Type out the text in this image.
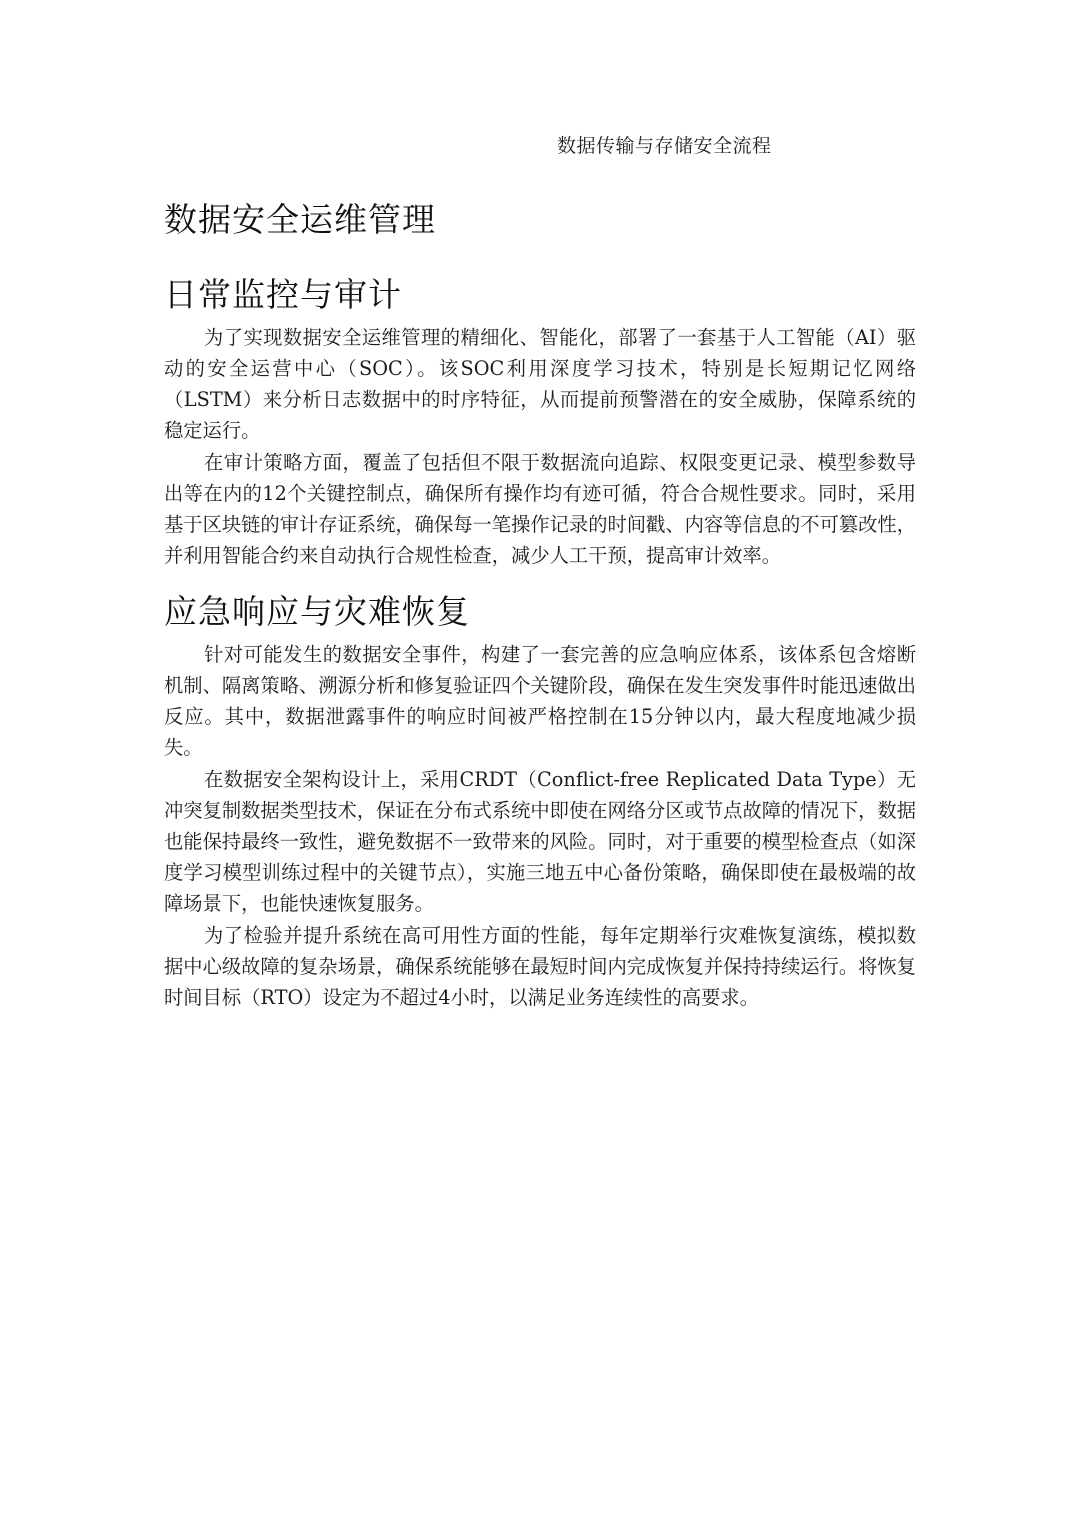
数据传输与存储安全流程
数据安全运维管理
日常监控与审计

为了实现数据安全运维管理的精细化、智能化，部署了一套基于人工智能（AI）驱动的安全运营中心（SOC）。该SOC利用深度学习技术，特别是长短期记忆网络（LSTM）来分析日志数据中的时序特征，从而提前预警潜在的安全威胁，保障系统的稳定运行。

在审计策略方面，覆盖了包括但不限于数据流向追踪、权限变更记录、模型参数导出等在内的12个关键控制点，确保所有操作均有迹可循，符合合规性要求。同时，采用基于区块链的审计存证系统，确保每一笔操作记录的时间戳、内容等信息的不可篡改性，并利用智能合约来自动执行合规性检查，减少人工干预，提高审计效率。

应急响应与灾难恢复

针对可能发生的数据安全事件，构建了一套完善的应急响应体系，该体系包含熔断机制、隔离策略、溯源分析和修复验证四个关键阶段，确保在发生突发事件时能迅速做出反应。其中，数据泄露事件的响应时间被严格控制在15分钟以内，最大程度地减少损失。

在数据安全架构设计上，采用CRDT（Conflict-free Replicated Data Type）无冲突复制数据类型技术，保证在分布式系统中即使在网络分区或节点故障的情况下，数据也能保持最终一致性，避免数据不一致带来的风险。同时，对于重要的模型检查点（如深度学习模型训练过程中的关键节点），实施三地五中心备份策略，确保即使在最极端的故障场景下，也能快速恢复服务。

为了检验并提升系统在高可用性方面的性能，每年定期举行灾难恢复演练，模拟数据中心级故障的复杂场景，确保系统能够在最短时间内完成恢复并保持持续运行。将恢复时间目标（RTO）设定为不超过4小时，以满足业务连续性的高要求。
